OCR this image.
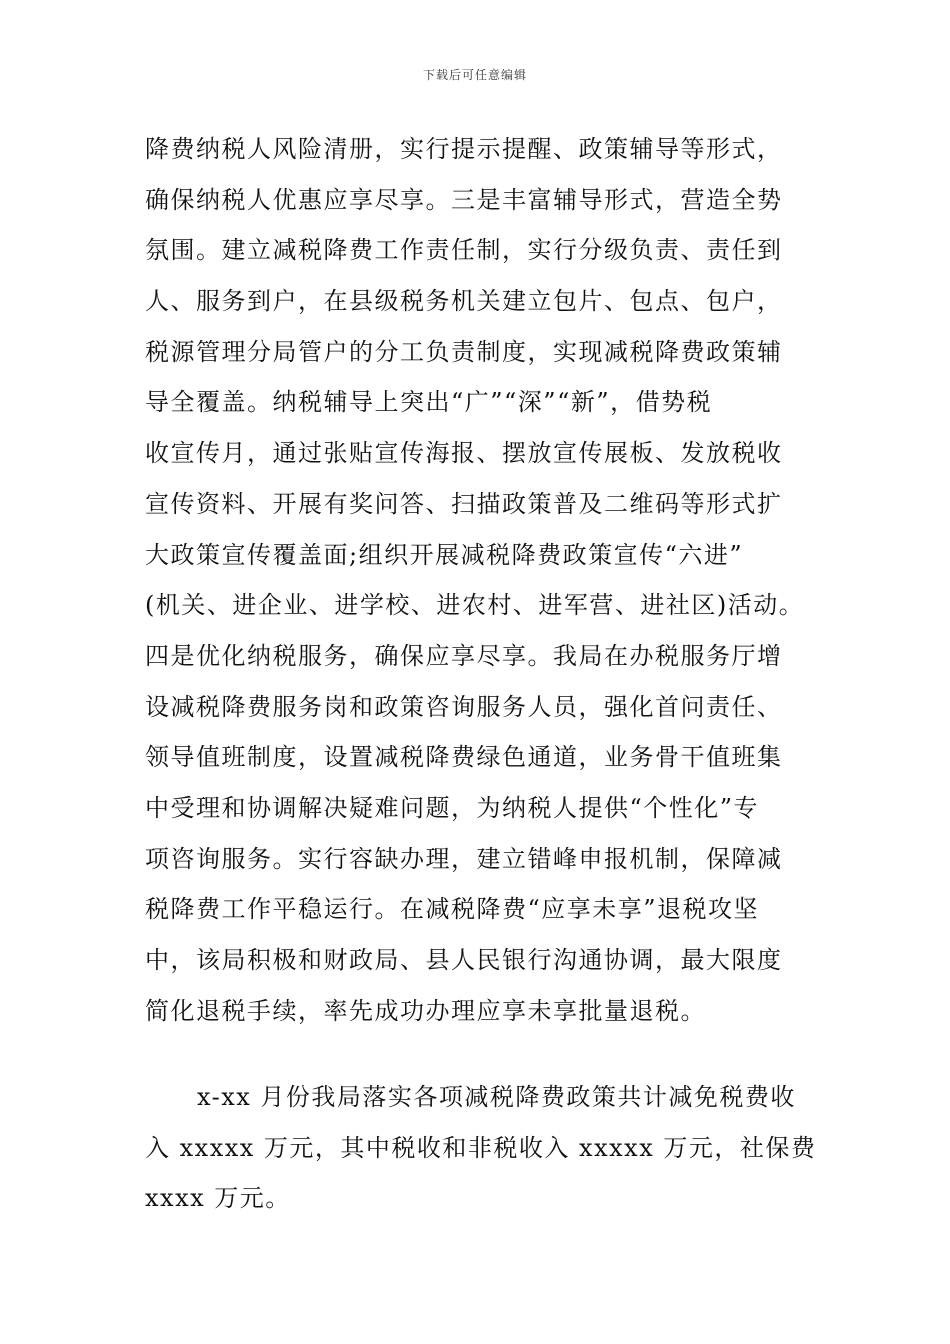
下载后可任意编辑
降费纳税人风险清册，实行提示提醒、政策辅导等形式，
确保纳税人优惠应享尽享。三是丰富辅导形式，营造全势
氛围。建立减税降费工作责任制，实行分级负责、责任到
人、服务到户，在县级税务机关建立包片、包点、包户，
税源管理分局管户的分工负责制度，实现减税降费政策辅
导全覆盖。纳税辅导上突出“广”“深”“新”，借势税
收宣传月，通过张贴宣传海报、摆放宣传展板、发放税收
宣传资料、开展有奖问答、扫描政策普及二维码等形式扩
大政策宣传覆盖面;组织开展减税降费政策宣传“六进”
(机关、进企业、进学校、进农村、进军营、进社区)活动。
四是优化纳税服务，确保应享尽享。我局在办税服务厅增
设减税降费服务岗和政策咨询服务人员，强化首问责任、
领导值班制度，设置减税降费绿色通道，业务骨干值班集
中受理和协调解决疑难问题，为纳税人提供“个性化”专
项咨询服务。实行容缺办理，建立错峰申报机制，保障减
税降费工作平稳运行。在减税降费“应享未享”退税攻坚
中，该局积极和财政局、县人民银行沟通协调，最大限度
简化退税手续，率先成功办理应享未享批量退税。
x-xx 月份我局落实各项减税降费政策共计减免税费收
入 xxxxx 万元，其中税收和非税收入 xxxxx 万元，社保费
xxxx 万元。
